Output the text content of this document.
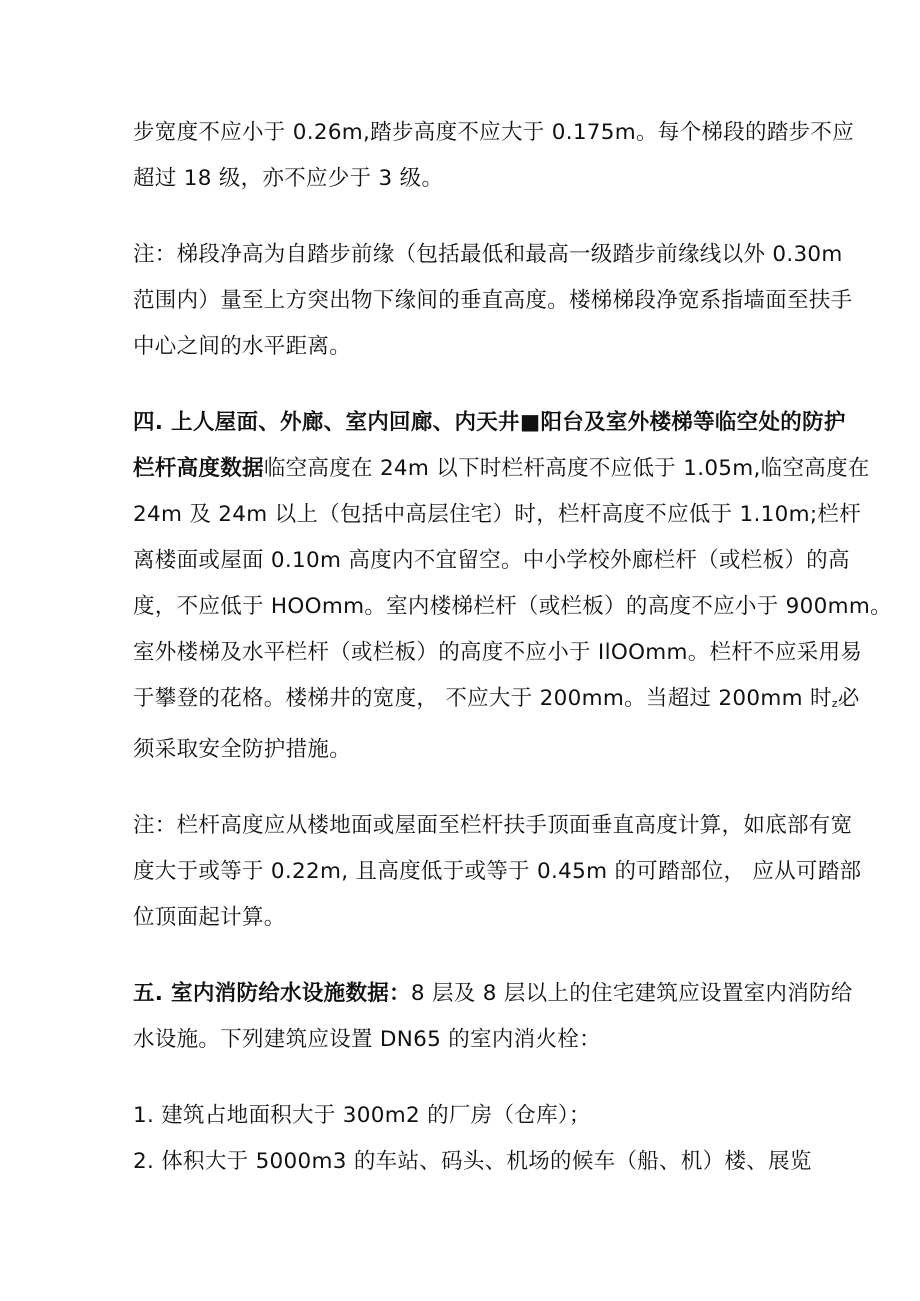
步宽度不应小于 0.26m,踏步高度不应大于 0.175m。每个梯段的踏步不应
超过 18 级，亦不应少于 3 级。

注：梯段净高为自踏步前缘（包括最低和最高一级踏步前缘线以外 0.30m
范围内）量至上方突出物下缘间的垂直高度。楼梯梯段净宽系指墙面至扶手
中心之间的水平距离。

四. 上人屋面、外廊、室内回廊、内天井■阳台及室外楼梯等临空处的防护
栏杆高度数据临空高度在 24m 以下时栏杆高度不应低于 1.05m,临空高度在
24m 及 24m 以上（包括中高层住宅）时，栏杆高度不应低于 1.10m;栏杆
离楼面或屋面 0.10m 高度内不宜留空。中小学校外廊栏杆（或栏板）的高
度，不应低于 HOOmm。室内楼梯栏杆（或栏板）的高度不应小于 900mm。
室外楼梯及水平栏杆（或栏板）的高度不应小于 IlOOmm。栏杆不应采用易
于攀登的花格。楼梯井的宽度， 不应大于 200mm。当超过 200mm 时z必
须采取安全防护措施。

注：栏杆高度应从楼地面或屋面至栏杆扶手顶面垂直高度计算，如底部有宽
度大于或等于 0.22m, 且高度低于或等于 0.45m 的可踏部位， 应从可踏部
位顶面起计算。

五. 室内消防给水设施数据：8 层及 8 层以上的住宅建筑应设置室内消防给
水设施。下列建筑应设置 DN65 的室内消火栓：

1. 建筑占地面积大于 300m2 的厂房（仓库）；
2. 体积大于 5000m3 的车站、码头、机场的候车（船、机）楼、展览
